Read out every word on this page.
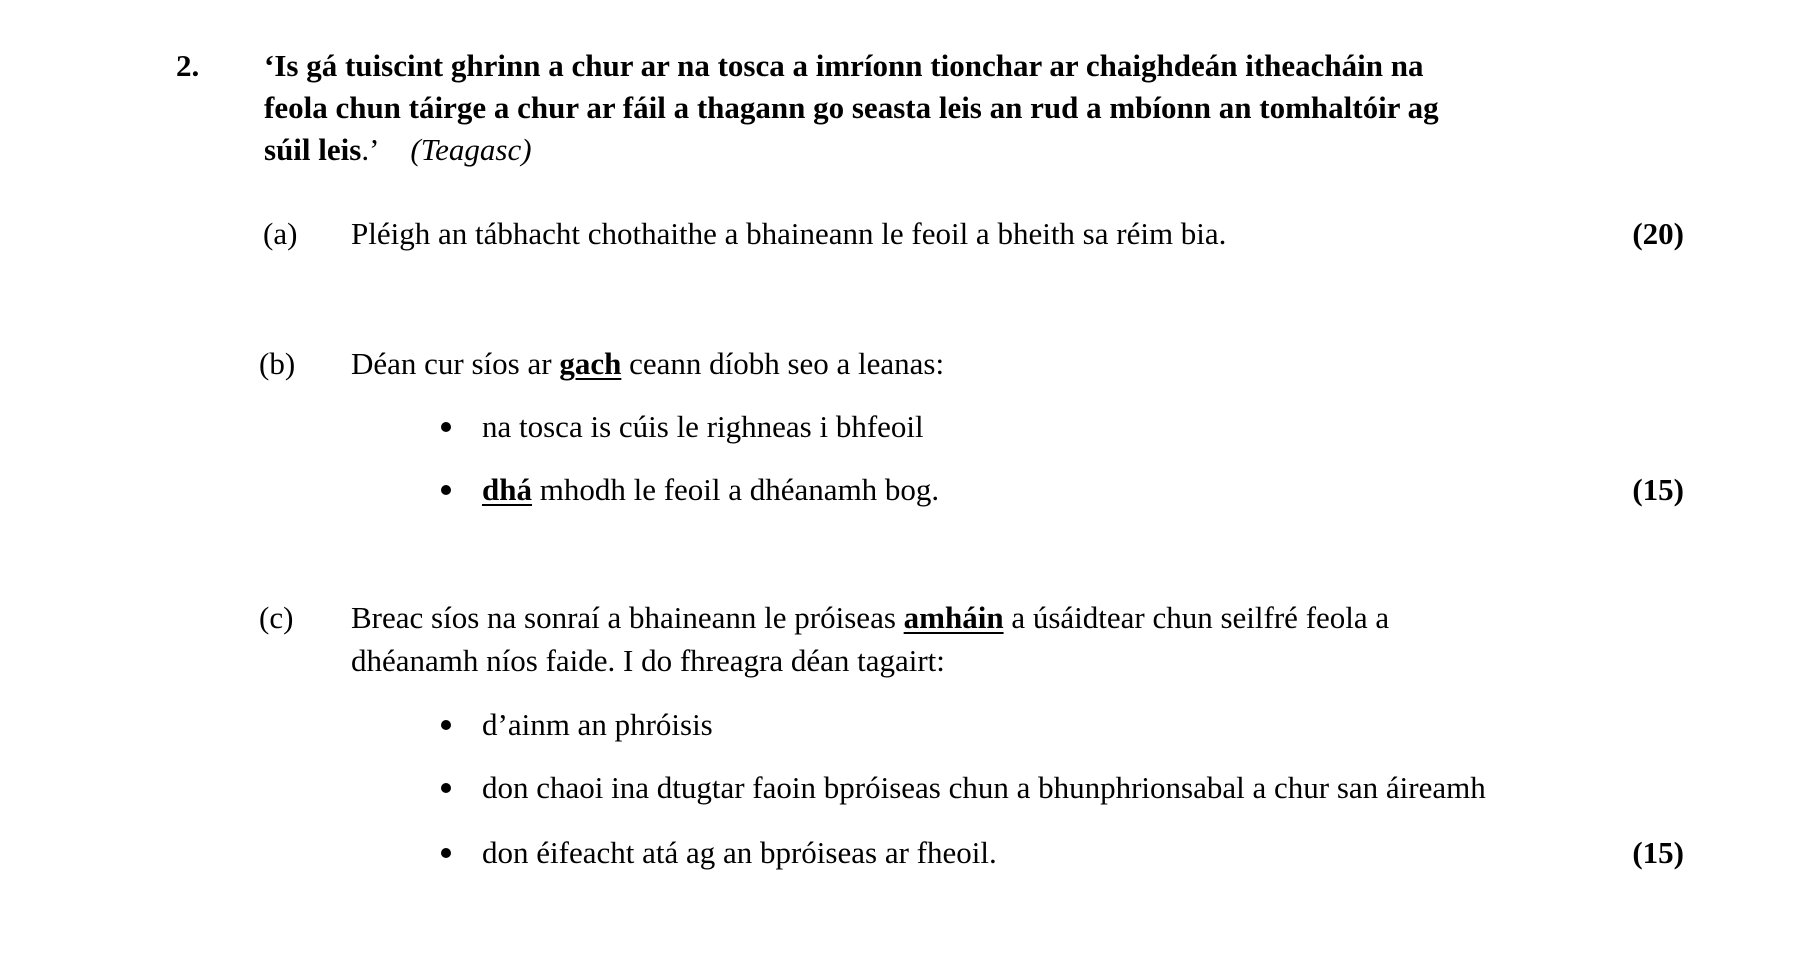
2. ‘Is gá tuiscint ghrinn a chur ar na tosca a imríonn tionchar ar chaighdeán itheacháin na
feola chun táirge a chur ar fáil a thagann go seasta leis an rud a mbíonn an tomhaltóir ag
súil leis.’ (Teagasc)
(a) Pléigh an tábhacht chothaithe a bhaineann le feoil a bheith sa réim bia.	(20)
(b) Déan cur síos ar gach ceann díobh seo a leanas:
na tosca is cúis le righneas i bhfeoil
dhá mhodh le feoil a dhéanamh bog.	(15)
(c) Breac síos na sonraí a bhaineann le próiseas amháin a úsáidtear chun seilfré feola a
dhéanamh níos faide. I do fhreagra déan tagairt:
d’ainm an phróisis
don chaoi ina dtugtar faoin bpróiseas chun a bhunphrionsabal a chur san áireamh
don éifeacht atá ag an bpróiseas ar fheoil.	(15)
